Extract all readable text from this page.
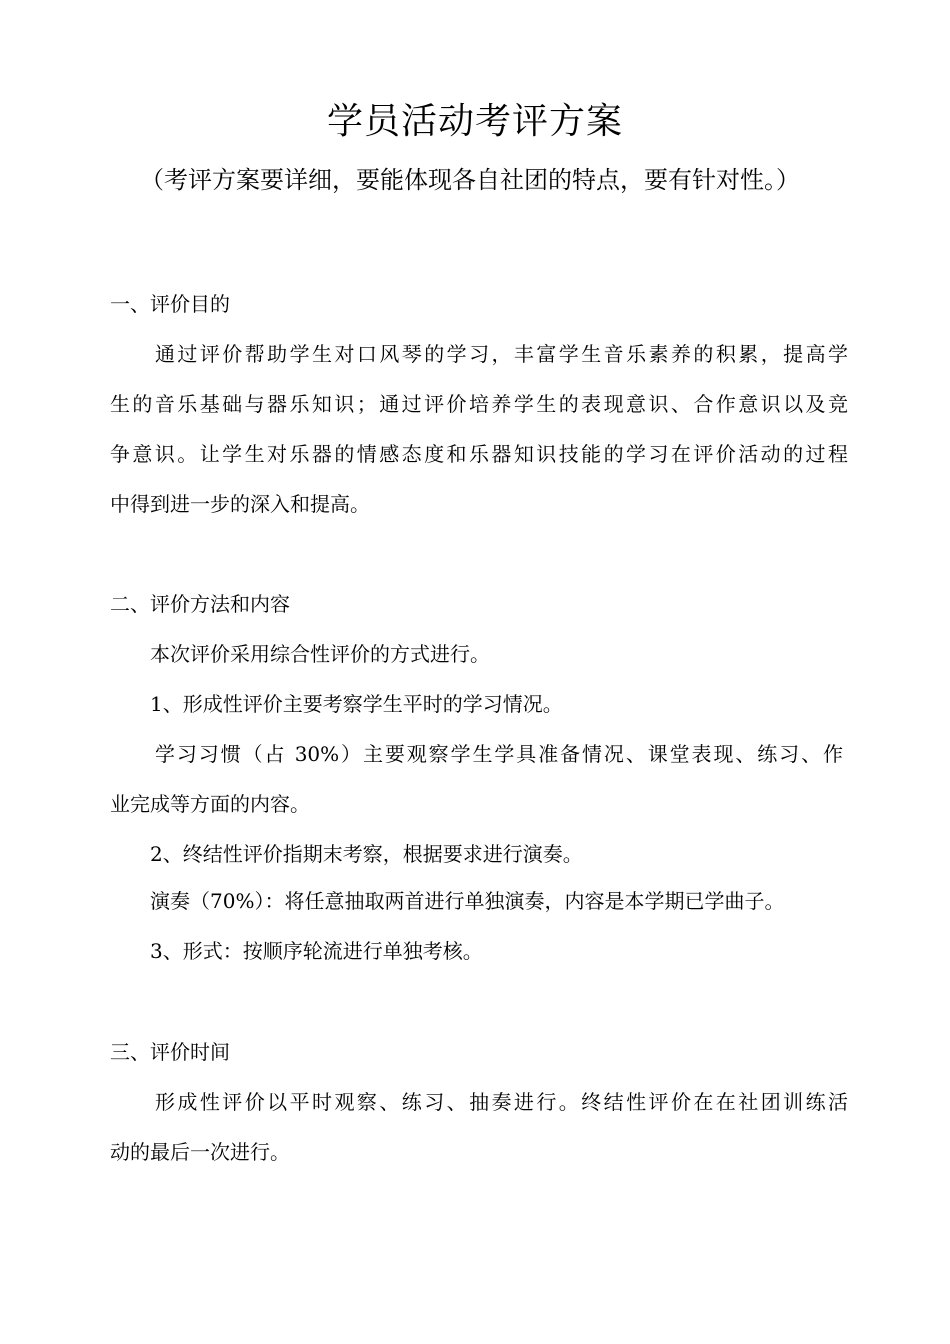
学员活动考评方案
（考评方案要详细，要能体现各自社团的特点，要有针对性。）
一、评价目的
通过评价帮助学生对口风琴的学习，丰富学生音乐素养的积累，提高学
生的音乐基础与器乐知识；通过评价培养学生的表现意识、合作意识以及竞
争意识。让学生对乐器的情感态度和乐器知识技能的学习在评价活动的过程
中得到进一步的深入和提高。
二、评价方法和内容
本次评价采用综合性评价的方式进行。
1、形成性评价主要考察学生平时的学习情况。
学习习惯（占 30%）主要观察学生学具准备情况、课堂表现、练习、作
业完成等方面的内容。
2、终结性评价指期末考察，根据要求进行演奏。
演奏（70%）：将任意抽取两首进行单独演奏，内容是本学期已学曲子。
3、形式：按顺序轮流进行单独考核。
三、评价时间
形成性评价以平时观察、练习、抽奏进行。终结性评价在在社团训练活
动的最后一次进行。
